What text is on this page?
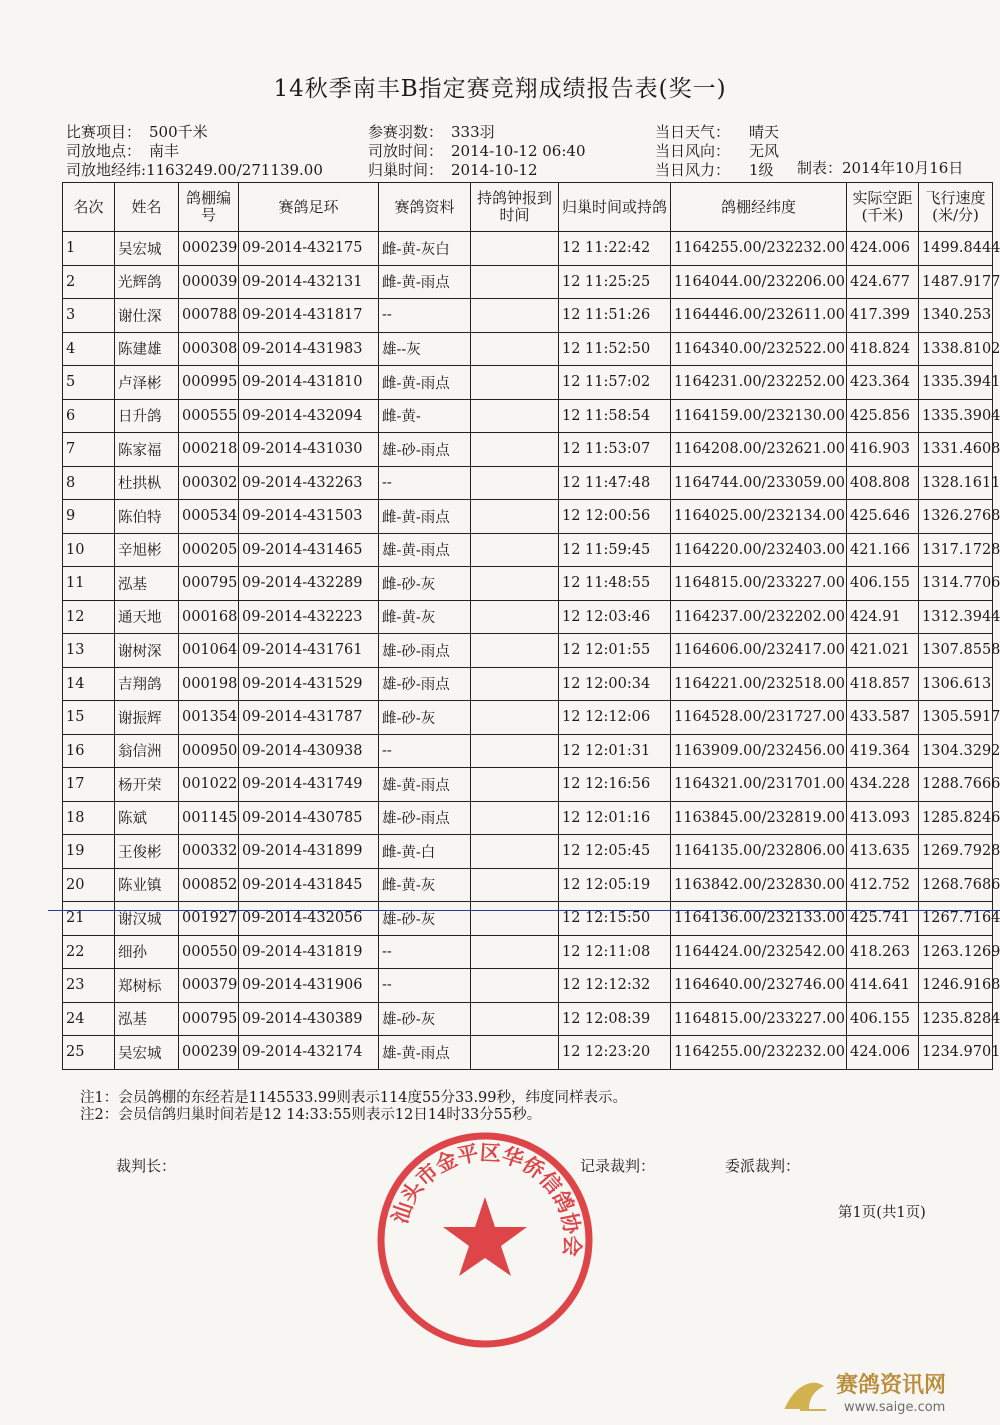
14秋季南丰B指定赛竞翔成绩报告表(奖一)
比赛项目： 500千米
司放地点： 南丰
司放地经纬:1163249.00/271139.00
参赛羽数： 333羽
司放时间： 2014-10-12 06:40
归巢时间： 2014-10-12
当日天气： 晴天
当日风向： 无风
当日风力： 1级	制表：2014年10月16日
名次	姓名	鸽棚编号	赛鸽足环	赛鸽资料	持鸽钟报到时间	归巢时间或持鸽	鸽棚经纬度	实际空距(千米)	飞行速度(米/分)
1	吴宏城	000239	09-2014-432175	雌-黄-灰白		12 11:22:42	1164255.00/232232.00	424.006	1499.8444
2	光辉鸽	000039	09-2014-432131	雌-黄-雨点		12 11:25:25	1164044.00/232206.00	424.677	1487.9177
3	谢仕深	000788	09-2014-431817	--		12 11:51:26	1164446.00/232611.00	417.399	1340.253
4	陈建雄	000308	09-2014-431983	雄--灰		12 11:52:50	1164340.00/232522.00	418.824	1338.8102
5	卢泽彬	000995	09-2014-431810	雌-黄-雨点		12 11:57:02	1164231.00/232252.00	423.364	1335.3941
6	日升鸽	000555	09-2014-432094	雌-黄-		12 11:58:54	1164159.00/232130.00	425.856	1335.3904
7	陈家福	000218	09-2014-431030	雄-砂-雨点		12 11:53:07	1164208.00/232621.00	416.903	1331.4608
8	杜拱枞	000302	09-2014-432263	--		12 11:47:48	1164744.00/233059.00	408.808	1328.1611
9	陈伯特	000534	09-2014-431503	雌-黄-雨点		12 12:00:56	1164025.00/232134.00	425.646	1326.2768
10	辛旭彬	000205	09-2014-431465	雄-黄-雨点		12 11:59:45	1164220.00/232403.00	421.166	1317.1728
11	泓基	000795	09-2014-432289	雌-砂-灰		12 11:48:55	1164815.00/233227.00	406.155	1314.7706
12	通天地	000168	09-2014-432223	雌-黄-灰		12 12:03:46	1164237.00/232202.00	424.91	1312.3944
13	谢树深	001064	09-2014-431761	雄-砂-雨点		12 12:01:55	1164606.00/232417.00	421.021	1307.8558
14	吉翔鸽	000198	09-2014-431529	雄-砂-雨点		12 12:00:34	1164221.00/232518.00	418.857	1306.613
15	谢振辉	001354	09-2014-431787	雌-砂-灰		12 12:12:06	1164528.00/231727.00	433.587	1305.5917
16	翁信洲	000950	09-2014-430938	--		12 12:01:31	1163909.00/232456.00	419.364	1304.3292
17	杨开荣	001022	09-2014-431749	雄-黄-雨点		12 12:16:56	1164321.00/231701.00	434.228	1288.7666
18	陈斌	001145	09-2014-430785	雄-砂-雨点		12 12:01:16	1163845.00/232819.00	413.093	1285.8246
19	王俊彬	000332	09-2014-431899	雌-黄-白		12 12:05:45	1164135.00/232806.00	413.635	1269.7928
20	陈业镇	000852	09-2014-431845	雌-黄-灰		12 12:05:19	1163842.00/232830.00	412.752	1268.7686
21	谢汉城	001927	09-2014-432056	雄-砂-灰		12 12:15:50	1164136.00/232133.00	425.741	1267.7164
22	细孙	000550	09-2014-431819	--		12 12:11:08	1164424.00/232542.00	418.263	1263.1269
23	郑树标	000379	09-2014-431906	--		12 12:12:32	1164640.00/232746.00	414.641	1246.9168
24	泓基	000795	09-2014-430389	雄-砂-灰		12 12:08:39	1164815.00/233227.00	406.155	1235.8284
25	吴宏城	000239	09-2014-432174	雄-黄-雨点		12 12:23:20	1164255.00/232232.00	424.006	1234.9701
注1：会员鸽棚的东经若是1145533.99则表示114度55分33.99秒，纬度同样表示。
注2：会员信鸽归巢时间若是12 14:33:55则表示12日14时33分55秒。
裁判长：	记录裁判：	委派裁判：
第1页(共1页)
汕头市金平区华侨信鸽协会
赛鸽资讯网
www.saige.com
